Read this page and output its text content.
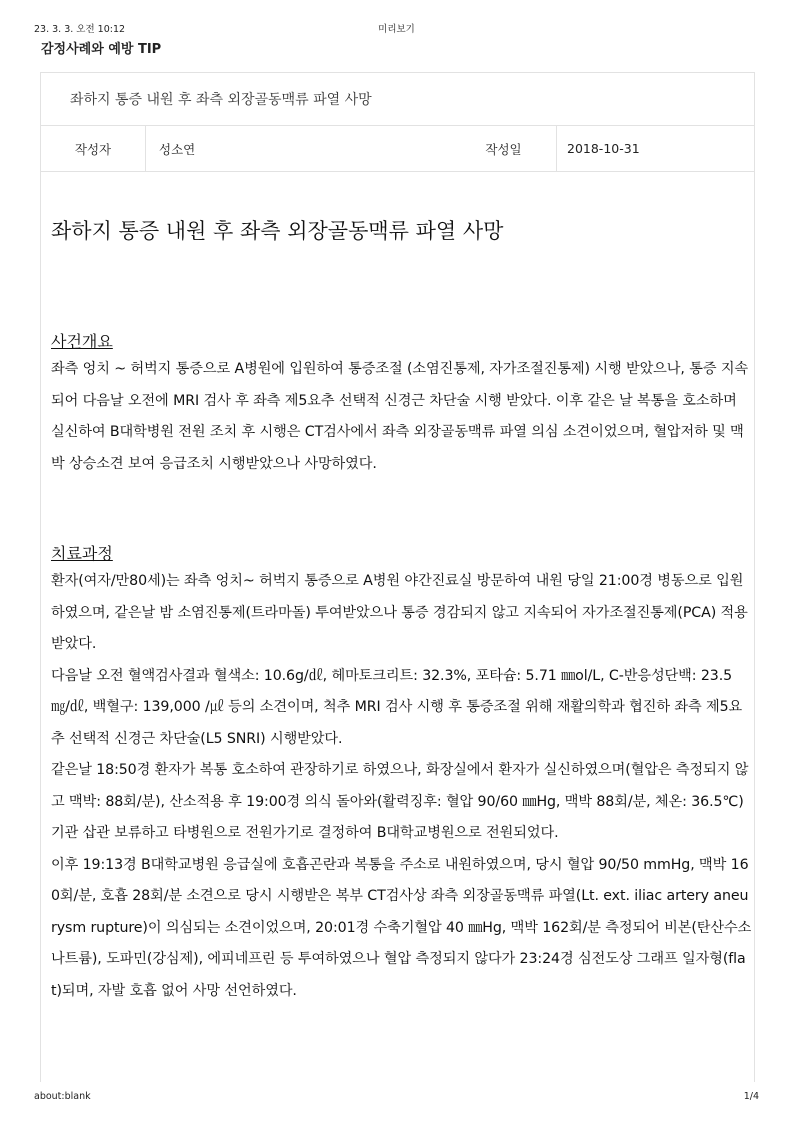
23. 3. 3. 오전 10:12	미리보기
감정사례와 예방 TIP
좌하지 통증 내원 후 좌측 외장골동맥류 파열 사망
작성자	성소연	작성일	2018-10-31
좌하지 통증 내원 후 좌측 외장골동맥류 파열 사망
사건개요
좌측 엉치 ~ 허벅지 통증으로 A병원에 입원하여 통증조절 (소염진통제, 자가조절진통제) 시행 받았으나, 통증 지속되어 다음날 오전에 MRI 검사 후 좌측 제5요추 선택적 신경근 차단술 시행 받았다. 이후 같은 날 복통을 호소하며 실신하여 B대학병원 전원 조치 후 시행은 CT검사에서 좌측 외장골동맥류 파열 의심 소견이었으며, 혈압저하 및 맥박 상승소견 보여 응급조치 시행받았으나 사망하였다.
치료과정
환자(여자/만80세)는 좌측 엉치~ 허벅지 통증으로 A병원 야간진료실 방문하여 내원 당일 21:00경 병동으로 입원 하였으며, 같은날 밤 소염진통제(트라마돌) 투여받았으나 통증 경감되지 않고 지속되어 자가조절진통제(PCA) 적용받았다.
다음날 오전 혈액검사결과 혈색소: 10.6g/㎗, 헤마토크리트: 32.3%, 포타슘: 5.71 ㎜ol/L, C-반응성단백: 23.5 ㎎/㎗, 백혈구: 139,000 /㎕ 등의 소견이며, 척추 MRI 검사 시행 후 통증조절 위해 재활의학과 협진하 좌측 제5요추 선택적 신경근 차단술(L5 SNRI) 시행받았다.
같은날 18:50경 환자가 복통 호소하여 관장하기로 하였으나, 화장실에서 환자가 실신하였으며(혈압은 측정되지 않고 맥박: 88회/분), 산소적용 후 19:00경 의식 돌아와(활력징후: 혈압 90/60 ㎜Hg, 맥박 88회/분, 체온: 36.5℃) 기관 삽관 보류하고 타병원으로 전원가기로 결정하여 B대학교병원으로 전원되었다.
이후 19:13경 B대학교병원 응급실에 호흡곤란과 복통을 주소로 내원하였으며, 당시 혈압 90/50 mmHg, 맥박 160회/분, 호흡 28회/분 소견으로 당시 시행받은 복부 CT검사상 좌측 외장골동맥류 파열(Lt. ext. iliac artery aneurysm rupture)이 의심되는 소견이었으며, 20:01경 수축기혈압 40 ㎜Hg, 맥박 162회/분 측정되어 비본(탄산수소나트륨), 도파민(강심제), 에피네프린 등 투여하였으나 혈압 측정되지 않다가 23:24경 심전도상 그래프 일자형(flat)되며, 자발 호흡 없어 사망 선언하였다.
about:blank	1/4
